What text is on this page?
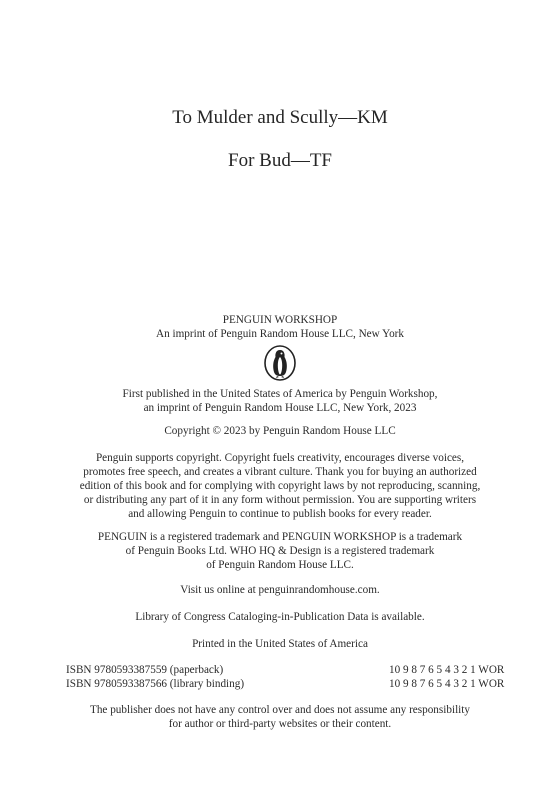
To Mulder and Scully—KM
For Bud—TF
PENGUIN WORKSHOP
An imprint of Penguin Random House LLC, New York

First published in the United States of America by Penguin Workshop,

an imprint of Penguin Random House LLC, New York, 2023

Copyright © 2023 by Penguin Random House LLC

Penguin supports copyright. Copyright fuels creativity, encourages diverse voices,

promotes free speech, and creates a vibrant culture. Thank you for buying an authorized

edition of this book and for complying with copyright laws by not reproducing, scanning,

or distributing any part of it in any form without permission. You are supporting writers

and allowing Penguin to continue to publish books for every reader.

PENGUIN is a registered trademark and PENGUIN WORKSHOP is a trademark

of Penguin Books Ltd. WHO HQ & Design is a registered trademark

of Penguin Random House LLC.

Visit us online at penguinrandomhouse.com.
Library of Congress Cataloging-in-Publication Data is available.
Printed in the United States of America
ISBN 9780593387559 (paperback)	10 9 8 7 6 5 4 3 2 1 WOR
ISBN 9780593387566 (library binding)	10 9 8 7 6 5 4 3 2 1 WOR

The publisher does not have any control over and does not assume any responsibility

for author or third-party websites or their content.
